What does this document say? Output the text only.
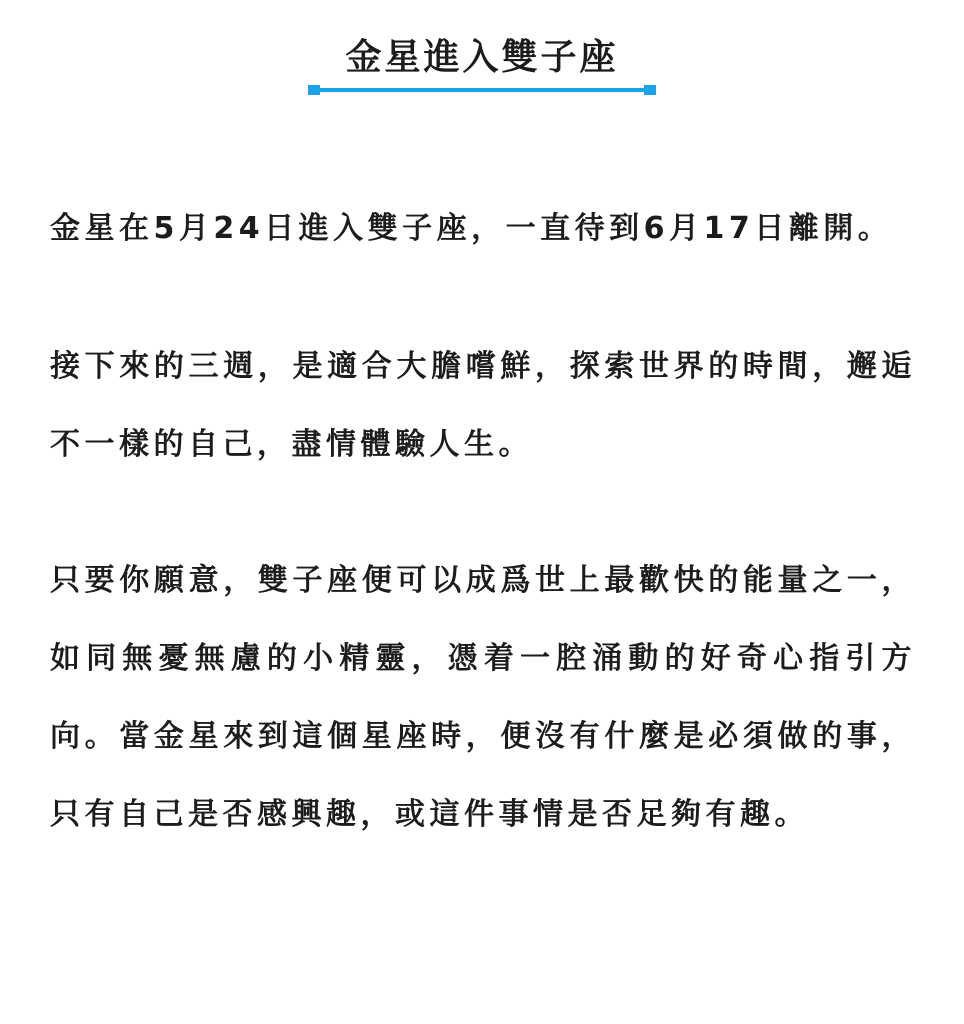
金星進入雙子座

金星在5月24日進入雙子座，一直待到6月17日離開。

接下來的三週，是適合大膽嚐鮮，探索世界的時間，邂逅不一樣的自己，盡情體驗人生。

只要你願意，雙子座便可以成爲世上最歡快的能量之一，如同無憂無慮的小精靈，憑着一腔涌動的好奇心指引方向。當金星來到這個星座時，便沒有什麼是必須做的事，只有自己是否感興趣，或這件事情是否足夠有趣。
